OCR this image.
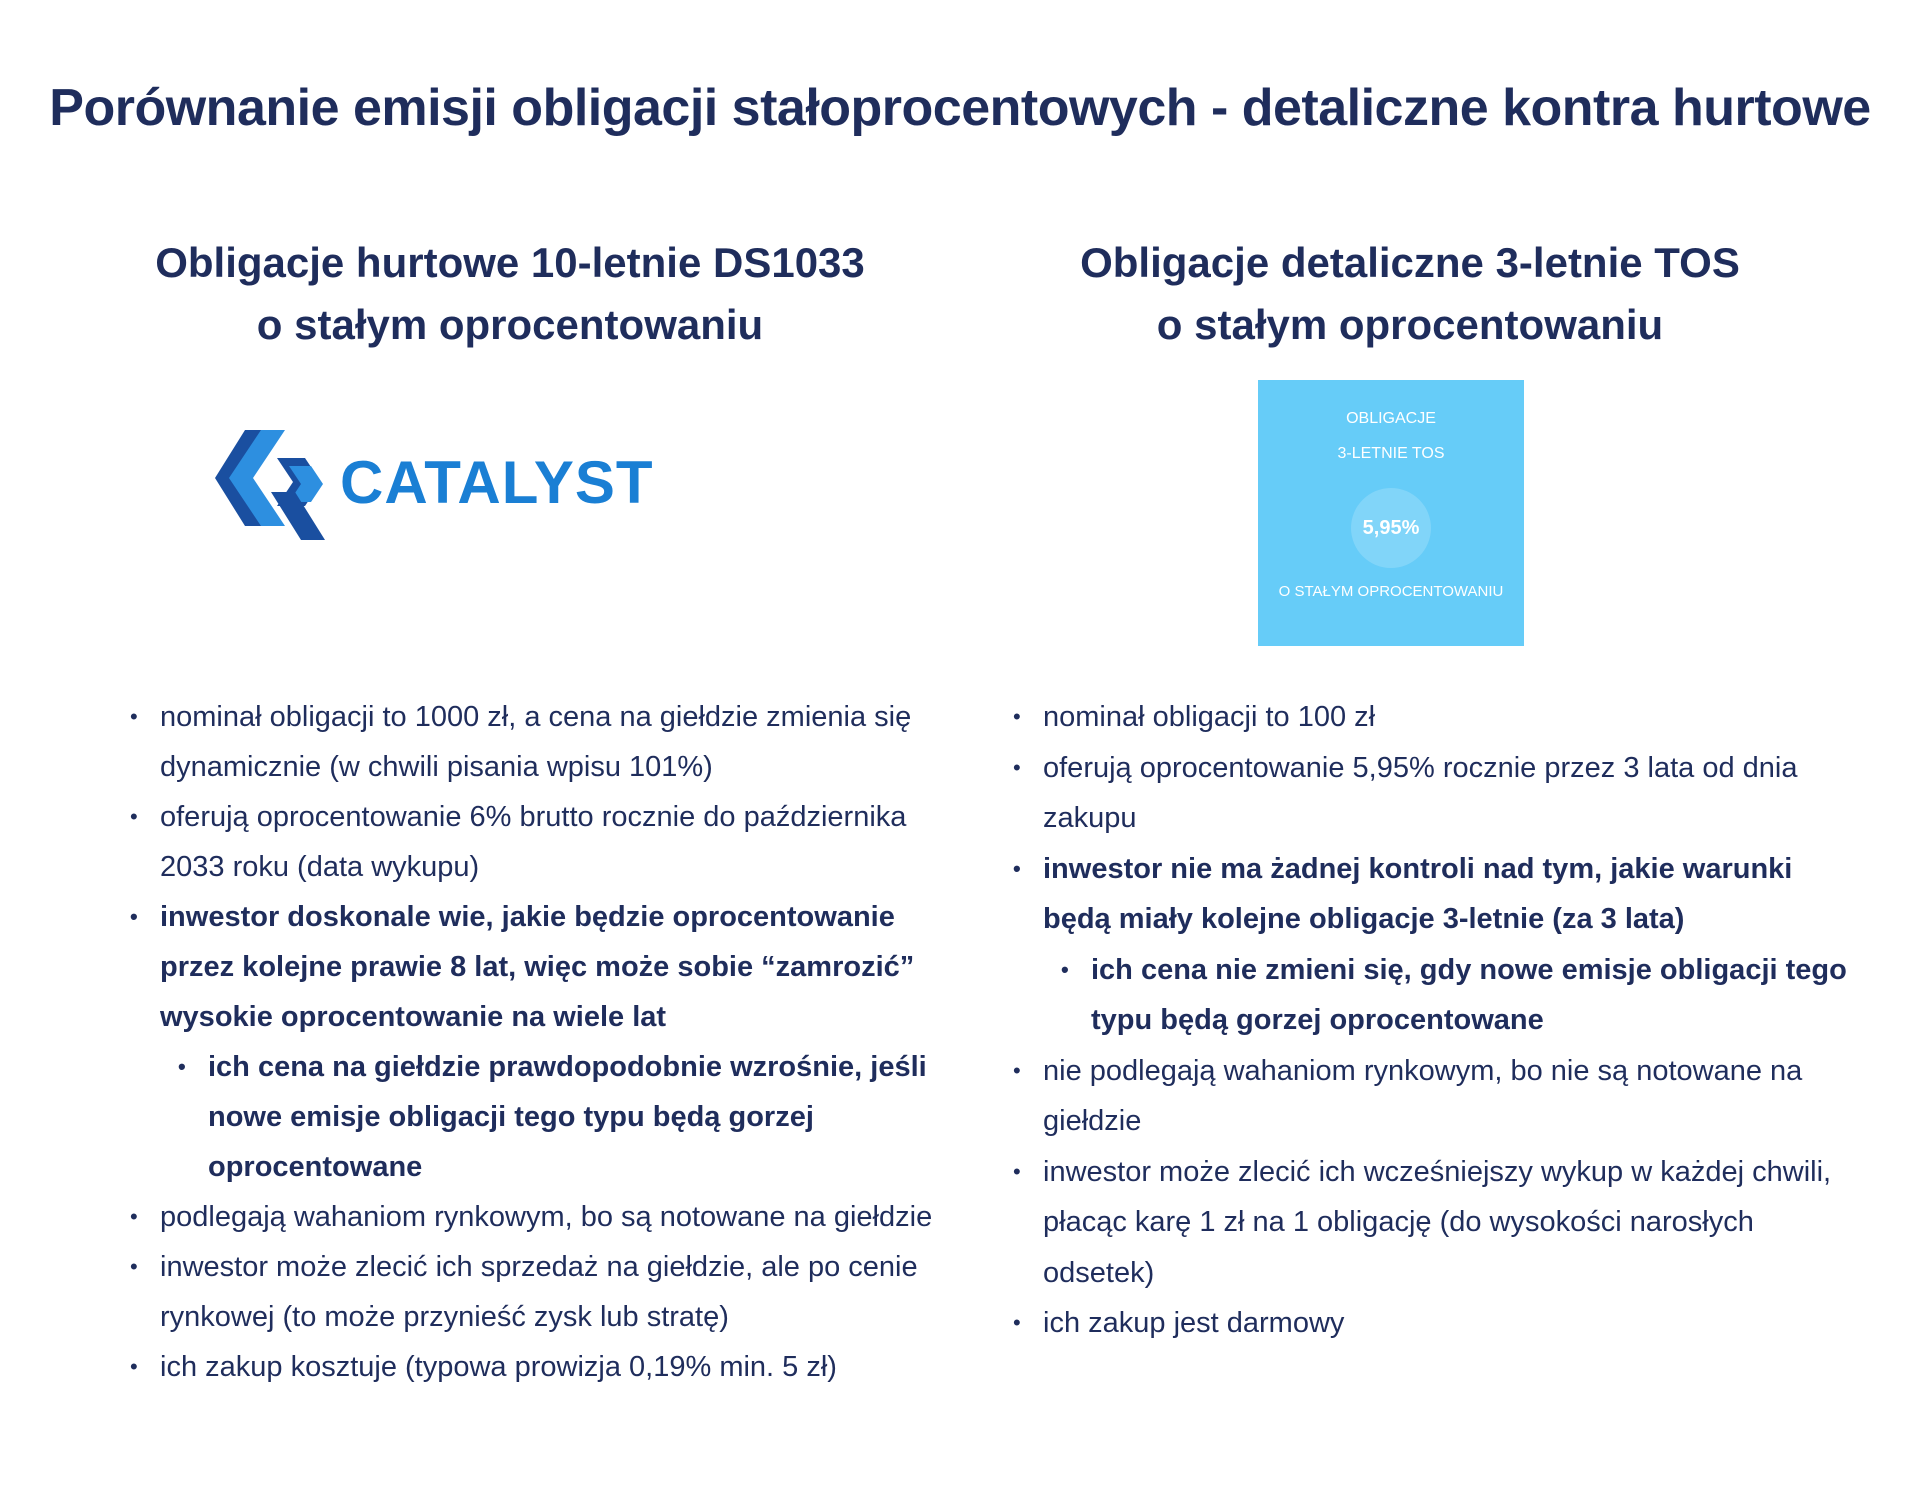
Porównanie emisji obligacji stałoprocentowych - detaliczne kontra hurtowe
Obligacje hurtowe 10-letnie DS1033
o stałym oprocentowaniu
Obligacje detaliczne 3-letnie TOS
o stałym oprocentowaniu
CATALYST
OBLIGACJE
3-LETNIE TOS
5,95%
O STAŁYM OPROCENTOWANIU
• nominał obligacji to 1000 zł, a cena na giełdzie zmienia się dynamicznie (w chwili pisania wpisu 101%)
• oferują oprocentowanie 6% brutto rocznie do października 2033 roku (data wykupu)
• inwestor doskonale wie, jakie będzie oprocentowanie przez kolejne prawie 8 lat, więc może sobie “zamrozić” wysokie oprocentowanie na wiele lat
• ich cena na giełdzie prawdopodobnie wzrośnie, jeśli nowe emisje obligacji tego typu będą gorzej oprocentowane
• podlegają wahaniom rynkowym, bo są notowane na giełdzie
• inwestor może zlecić ich sprzedaż na giełdzie, ale po cenie rynkowej (to może przynieść zysk lub stratę)
• ich zakup kosztuje (typowa prowizja 0,19% min. 5 zł)
• nominał obligacji to 100 zł
• oferują oprocentowanie 5,95% rocznie przez 3 lata od dnia zakupu
• inwestor nie ma żadnej kontroli nad tym, jakie warunki będą miały kolejne obligacje 3-letnie (za 3 lata)
• ich cena nie zmieni się, gdy nowe emisje obligacji tego typu będą gorzej oprocentowane
• nie podlegają wahaniom rynkowym, bo nie są notowane na giełdzie
• inwestor może zlecić ich wcześniejszy wykup w każdej chwili, płacąc karę 1 zł na 1 obligację (do wysokości narosłych odsetek)
• ich zakup jest darmowy
